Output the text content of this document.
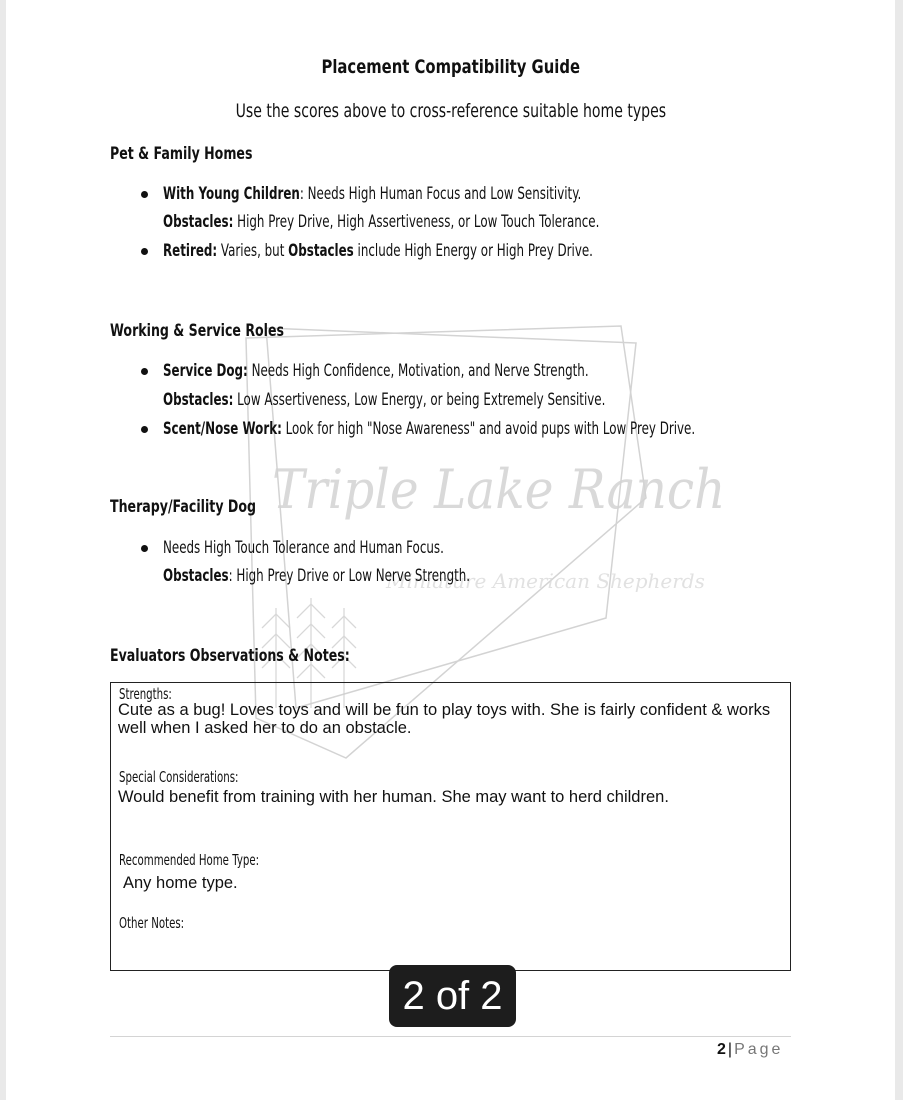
Triple Lake Ranch
Miniature American Shepherds
Placement Compatibility Guide
Use the scores above to cross-reference suitable home types
Pet & Family Homes
With Young Children: Needs High Human Focus and Low Sensitivity.
Obstacles: High Prey Drive, High Assertiveness, or Low Touch Tolerance.
Retired: Varies, but Obstacles include High Energy or High Prey Drive.
Working & Service Roles
Service Dog: Needs High Confidence, Motivation, and Nerve Strength.
Obstacles: Low Assertiveness, Low Energy, or being Extremely Sensitive.
Scent/Nose Work: Look for high "Nose Awareness" and avoid pups with Low Prey Drive.
Therapy/Facility Dog
Needs High Touch Tolerance and Human Focus.
Obstacles: High Prey Drive or Low Nerve Strength.
Evaluators Observations & Notes:
Strengths:
Cute as a bug! Loves toys and will be fun to play toys with. She is fairly confident & works well when I asked her to do an obstacle.
Special Considerations:
Would benefit from training with her human. She may want to herd children.
Recommended Home Type:
Any home type.
Other Notes:
2 of 2
2 | Page
